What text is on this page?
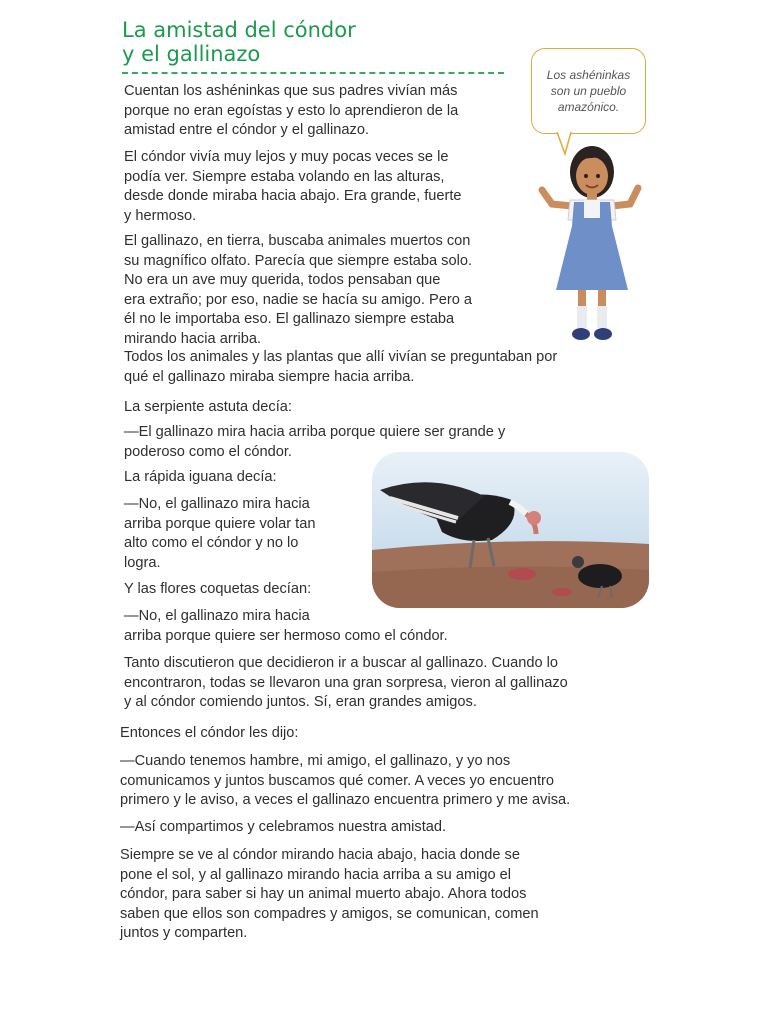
La amistad del cóndor
y el gallinazo
Los ashéninkas
son un pueblo
amazónico.

Cuentan los ashéninkas que sus padres vivían más
porque no eran egoístas y esto lo aprendieron de la
amistad entre el cóndor y el gallinazo.

El cóndor vivía muy lejos y muy pocas veces se le
podía ver. Siempre estaba volando en las alturas,
desde donde miraba hacia abajo. Era grande, fuerte
y hermoso.

El gallinazo, en tierra, buscaba animales muertos con
su magnífico olfato. Parecía que siempre estaba solo.
No era un ave muy querida, todos pensaban que
era extraño; por eso, nadie se hacía su amigo. Pero a
él no le importaba eso. El gallinazo siempre estaba
mirando hacia arriba.

Todos los animales y las plantas que allí vivían se preguntaban por
qué el gallinazo miraba siempre hacia arriba.

La serpiente astuta decía:

—El gallinazo mira hacia arriba porque quiere ser grande y
poderoso como el cóndor.

La rápida iguana decía:

—No, el gallinazo mira hacia
arriba porque quiere volar tan
alto como el cóndor y no lo
logra.

Y las flores coquetas decían:

—No, el gallinazo mira hacia
arriba porque quiere ser hermoso como el cóndor.

Tanto discutieron que decidieron ir a buscar al gallinazo. Cuando lo
encontraron, todas se llevaron una gran sorpresa, vieron al gallinazo
y al cóndor comiendo juntos. Sí, eran grandes amigos.

Entonces el cóndor les dijo:

—Cuando tenemos hambre, mi amigo, el gallinazo, y yo nos
comunicamos y juntos buscamos qué comer. A veces yo encuentro
primero y le aviso, a veces el gallinazo encuentra primero y me avisa.

—Así compartimos y celebramos nuestra amistad.

Siempre se ve al cóndor mirando hacia abajo, hacia donde se
pone el sol, y al gallinazo mirando hacia arriba a su amigo el
cóndor, para saber si hay un animal muerto abajo. Ahora todos
saben que ellos son compadres y amigos, se comunican, comen
juntos y comparten.
